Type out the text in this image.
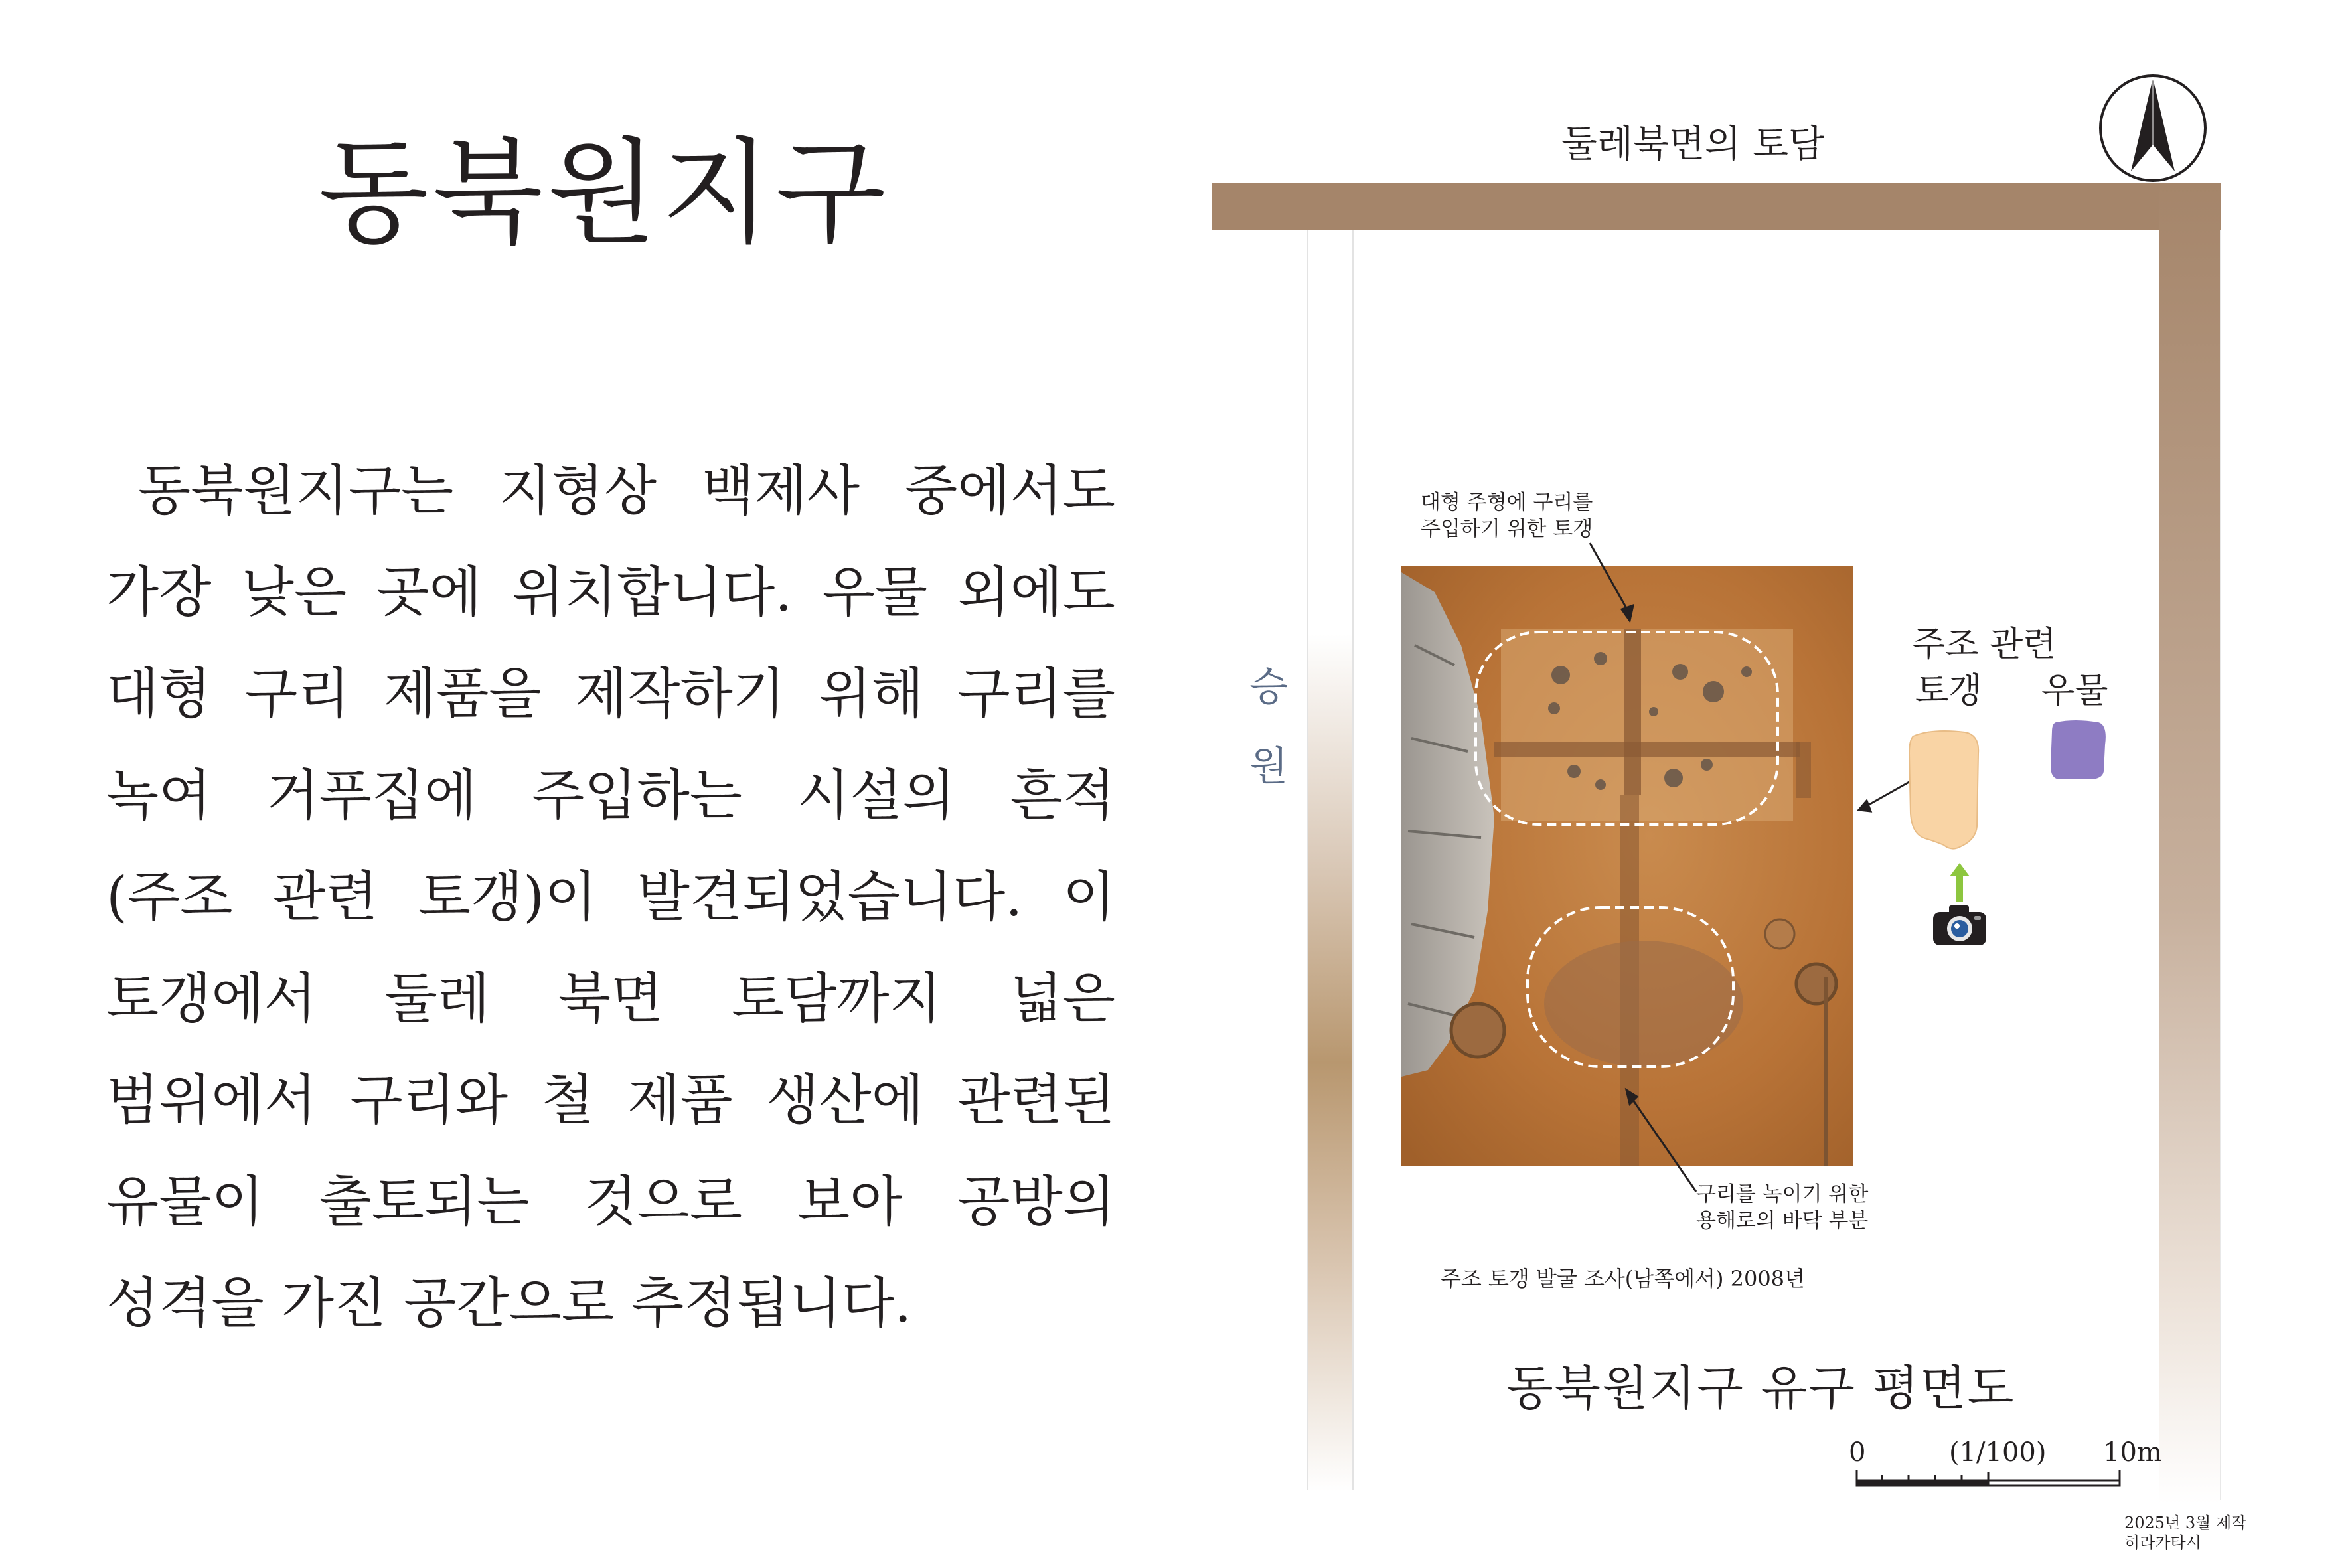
동북원지구
동북원지구는 지형상 백제사 중에서도
가장 낮은 곳에 위치합니다. 우물 외에도
대형 구리 제품을 제작하기 위해 구리를
녹여 거푸집에 주입하는 시설의 흔적
(주조 관련 토갱)이 발견되었습니다. 이
토갱에서 둘레 북면 토담까지 넓은
범위에서 구리와 철 제품 생산에 관련된
유물이 출토되는 것으로 보아 공방의
성격을 가진 공간으로 추정됩니다.
둘레북면의 토담
승
원
대형 주형에 구리를
주입하기 위한 토갱
구리를 녹이기 위한
용해로의 바닥 부분
주조 관련
토갱 우물
주조 토갱 발굴 조사(남쪽에서) 2008년
동북원지구 유구 평면도
0	(1/100) 10m
2025년 3월 제작
히라카타시
